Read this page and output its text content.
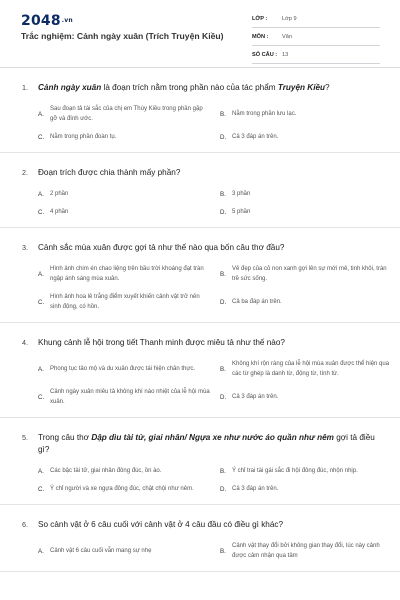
2048.vn
Trắc nghiệm: Cảnh ngày xuân (Trích Truyện Kiều)
LỚP :	Lớp 9
MÔN :	Văn
SỐ CÂU : 13
1.	Cảnh ngày xuân là đoạn trích nằm trong phần nào của tác phẩm Truyện Kiều?
A.
Sau đoạn tả tài sắc của chị em Thúy Kiều trong phần gặp gỡ và đính ước.
B.	Nằm trong phần lưu lạc.
C. Nằm trong phần đoàn tụ.	D. Cả 3 đáp án trên.
2.	Đoạn trích được chia thành mấy phần?
A.	2 phần	B.	3 phần
C. 4 phần	D. 5 phần
3.	Cảnh sắc mùa xuân được gợi tả như thế nào qua bốn câu thơ đầu?
A.
Hình ảnh chim én chao liệng trên bầu trời khoáng đạt tràn ngập ánh sáng mùa xuân.
B.
Vẻ đẹp của cỏ non xanh gợi lên sự mới mẻ, tinh khôi, tràn trề sức sống.
C.
Hình ảnh hoa lê trắng điểm xuyết khiến cảnh vật trở nên sinh động, có hồn.
D. Cả ba đáp án trên.
4.	Khung cảnh lễ hội trong tiết Thanh minh được miêu tả như thế nào?
A.	Phong tục tảo mộ và du xuân được tái hiện chân thực.	B.
Không khí rộn ràng của lễ hội mùa xuân được thể hiện qua các từ ghép là danh từ, động từ, tính từ.
C.
Cảnh ngày xuân miêu tả không khí náo nhiệt của lễ hội mùa xuân.
D. Cả 3 đáp án trên.
5.	Trong câu thơ Dập dìu tài tử, giai nhân/ Ngựa xe như nước áo quần như nêm gợi tả điều gì?
A.	Các bậc tài tử, giai nhân đông đúc, ồn ào.	B.	Ý chỉ trai tài gái sắc đi hội đông đúc, nhộn nhịp.
C. Ý chỉ người và xe ngựa đông đúc, chật chội như nêm.	D. Cả 3 đáp án trên.
6.	So cảnh vật ở 6 câu cuối với cảnh vật ở 4 câu đầu có điều gì khác?
A.	Cảnh vật 6 câu cuối vẫn mang sự nhẹ	B.
Cảnh vật thay đổi bởi không gian thay đổi, lúc này cảnh được cảm nhận qua tâm
